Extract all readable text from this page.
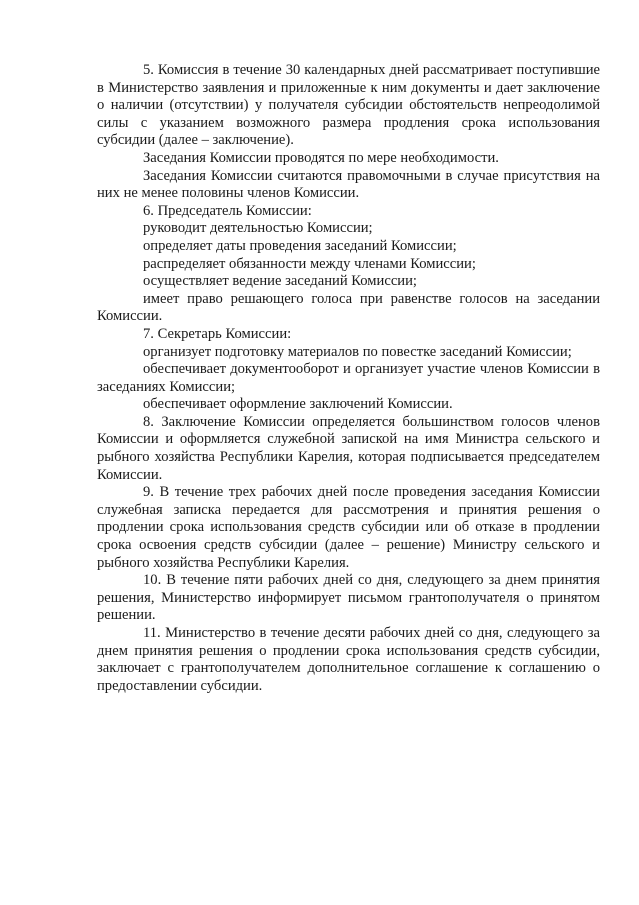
5. Комиссия в течение 30 календарных дней рассматривает поступившие в Министерство заявления и приложенные к ним документы и дает заключение о наличии (отсутствии) у получателя субсидии обстоятельств непреодолимой силы с указанием возможного размера продления срока использования субсидии (далее – заключение).

Заседания Комиссии проводятся по мере необходимости.

Заседания Комиссии считаются правомочными в случае присутствия на них не менее половины членов Комиссии.

6. Председатель Комиссии:

руководит деятельностью Комиссии;

определяет даты проведения заседаний Комиссии;

распределяет обязанности между членами Комиссии;

осуществляет ведение заседаний Комиссии;

имеет право решающего голоса при равенстве голосов на заседании Комиссии.

7. Секретарь Комиссии:

организует подготовку материалов по повестке заседаний Комиссии;

обеспечивает документооборот и организует участие членов Комиссии в заседаниях Комиссии;

обеспечивает оформление заключений Комиссии.

8. Заключение Комиссии определяется большинством голосов членов Комиссии и оформляется служебной запиской на имя Министра сельского и рыбного хозяйства Республики Карелия, которая подписывается председателем Комиссии.

9. В течение трех рабочих дней после проведения заседания Комиссии служебная записка передается для рассмотрения и принятия решения о продлении срока использования средств субсидии или об отказе в продлении срока освоения средств субсидии (далее – решение) Министру сельского и рыбного хозяйства Республики Карелия.

10. В течение пяти рабочих дней со дня, следующего за днем принятия решения, Министерство информирует письмом грантополучателя о принятом решении.

11. Министерство в течение десяти рабочих дней со дня, следующего за днем принятия решения о продлении срока использования средств субсидии, заключает с грантополучателем дополнительное соглашение к соглашению о предоставлении субсидии.
